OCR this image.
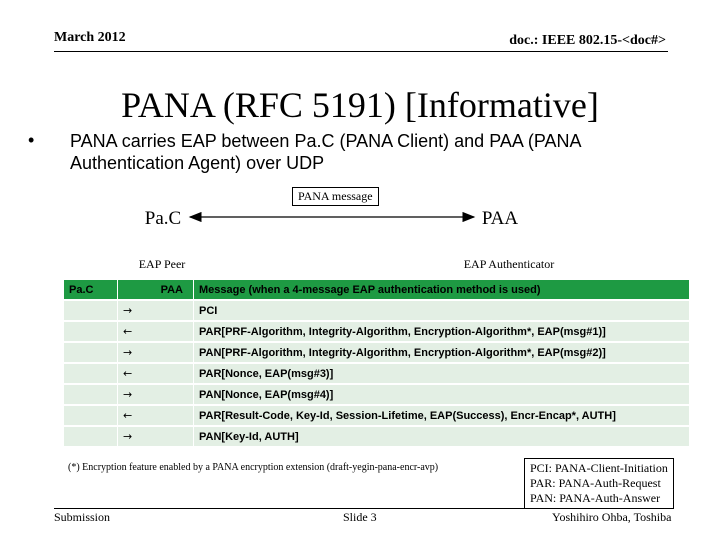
March 2012	doc.: IEEE 802.15-<doc#>
PANA (RFC 5191) [Informative]
• PANA carries EAP between Pa.C (PANA Client) and PAA (PANA Authentication Agent) over UDP
Pa.C	PAA
EAP Peer	EAP Authenticator
PANA message
Pa.C	PAA	Message (when a 4-message EAP authentication method is used)
	→	PCI
	←	PAR[PRF-Algorithm, Integrity-Algorithm, Encryption-Algorithm*, EAP(msg#1)]
	→	PAN[PRF-Algorithm, Integrity-Algorithm, Encryption-Algorithm*, EAP(msg#2)]
	←	PAR[Nonce, EAP(msg#3)]
	→	PAN[Nonce, EAP(msg#4)]
	←	PAR[Result-Code, Key-Id, Session-Lifetime, EAP(Success), Encr-Encap*, AUTH]
	→	PAN[Key-Id, AUTH]
(*) Encryption feature enabled by a PANA encryption extension (draft-yegin-pana-encr-avp)	PCI: PANA-Client-Initiation
PAR: PANA-Auth-Request
PAN: PANA-Auth-Answer
Submission	Slide 3	Yoshihiro Ohba, Toshiba
